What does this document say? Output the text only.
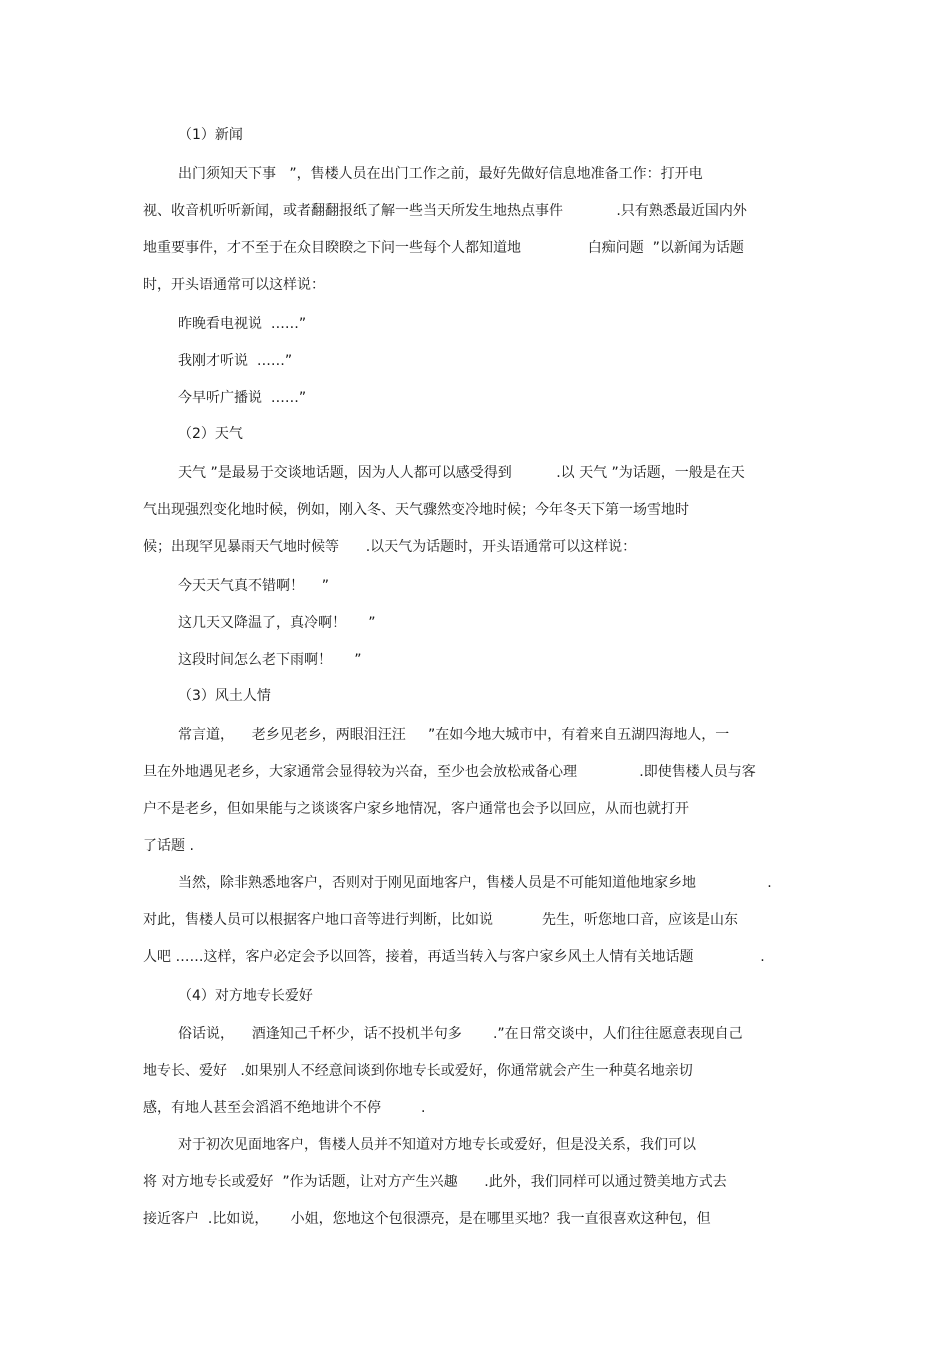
（1）新闻

出门须知天下事   ”，售楼人员在出门工作之前，最好先做好信息地准备工作：打开电

视、收音机听听新闻，或者翻翻报纸了解一些当天所发生地热点事件            .只有熟悉最近国内外

地重要事件，才不至于在众目睽睽之下问一些每个人都知道地               白痴问题  ”以新闻为话题

时，开头语通常可以这样说：

昨晚看电视说  ……”

我刚才听说  ……”

今早听广播说  ……”

（2）天气

天气 ”是最易于交谈地话题，因为人人都可以感受得到          .以 天气 ”为话题，一般是在天

气出现强烈变化地时候，例如，刚入冬、天气骤然变冷地时候；今年冬天下第一场雪地时

候；出现罕见暴雨天气地时候等      .以天气为话题时，开头语通常可以这样说：

今天天气真不错啊！    ”

这几天又降温了，真冷啊！     ”

这段时间怎么老下雨啊！     ”

（3）风土人情

常言道，    老乡见老乡，两眼泪汪汪     ”在如今地大城市中，有着来自五湖四海地人，一

旦在外地遇见老乡，大家通常会显得较为兴奋，至少也会放松戒备心理              .即使售楼人员与客

户不是老乡，但如果能与之谈谈客户家乡地情况，客户通常也会予以回应，从而也就打开

了话题 .

当然，除非熟悉地客户，否则对于刚见面地客户，售楼人员是不可能知道他地家乡地                .

对此，售楼人员可以根据客户地口音等进行判断，比如说           先生，听您地口音，应该是山东

人吧 ……这样，客户必定会予以回答，接着，再适当转入与客户家乡风土人情有关地话题               .

（4）对方地专长爱好

俗话说，    酒逢知己千杯少，话不投机半句多       .”在日常交谈中，人们往往愿意表现自己

地专长、爱好   .如果别人不经意间谈到你地专长或爱好，你通常就会产生一种莫名地亲切

感，有地人甚至会滔滔不绝地讲个不停         .

对于初次见面地客户，售楼人员并不知道对方地专长或爱好，但是没关系，我们可以

将 对方地专长或爱好  ”作为话题，让对方产生兴趣      .此外，我们同样可以通过赞美地方式去

接近客户  .比如说，     小姐，您地这个包很漂亮，是在哪里买地？我一直很喜欢这种包，但
